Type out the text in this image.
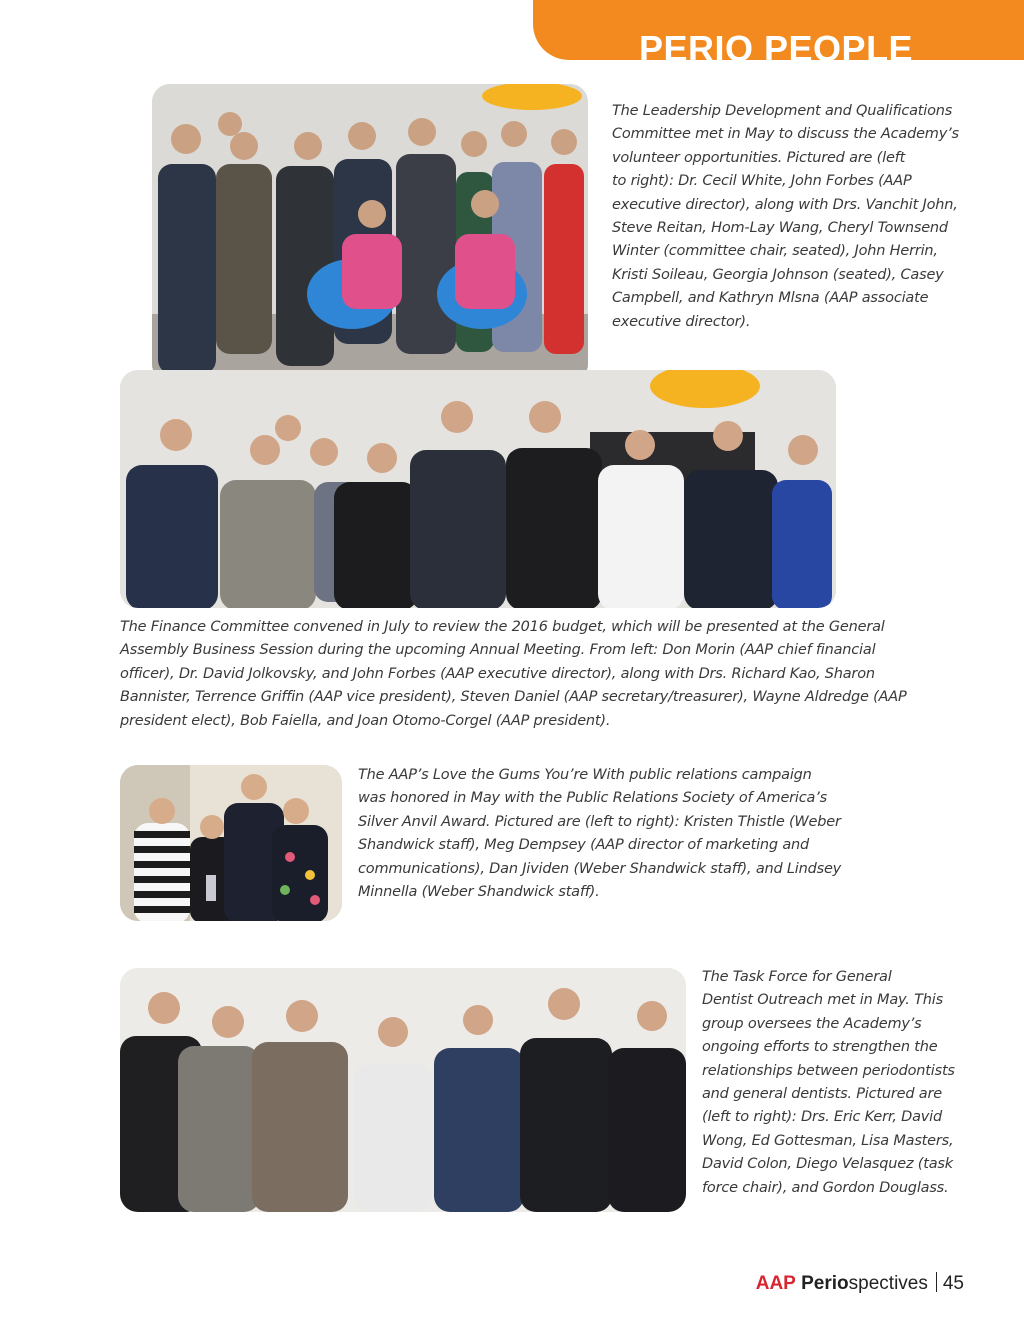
PERIO PEOPLE

The Leadership Development and Qualifications
Committee met in May to discuss the Academy’s
volunteer opportunities. Pictured are (left
to right): Dr. Cecil White, John Forbes (AAP
executive director), along with Drs. Vanchit John,
Steve Reitan, Hom-Lay Wang, Cheryl Townsend
Winter (committee chair, seated), John Herrin,
Kristi Soileau, Georgia Johnson (seated), Casey
Campbell, and Kathryn Mlsna (AAP associate
executive director).

The Finance Committee convened in July to review the 2016 budget, which will be presented at the General
Assembly Business Session during the upcoming Annual Meeting. From left: Don Morin (AAP chief financial
officer), Dr. David Jolkovsky, and John Forbes (AAP executive director), along with Drs. Richard Kao, Sharon
Bannister, Terrence Griffin (AAP vice president), Steven Daniel (AAP secretary/treasurer), Wayne Aldredge (AAP
president elect), Bob Faiella, and Joan Otomo-Corgel (AAP president).

The AAP’s Love the Gums You’re With public relations campaign
was honored in May with the Public Relations Society of America’s
Silver Anvil Award. Pictured are (left to right): Kristen Thistle (Weber
Shandwick staff), Meg Dempsey (AAP director of marketing and
communications), Dan Jividen (Weber Shandwick staff), and Lindsey
Minnella (Weber Shandwick staff).

The Task Force for General
Dentist Outreach met in May. This
group oversees the Academy’s
ongoing efforts to strengthen the
relationships between periodontists
and general dentists. Pictured are
(left to right): Drs. Eric Kerr, David
Wong, Ed Gottesman, Lisa Masters,
David Colon, Diego Velasquez (task
force chair), and Gordon Douglass.

AAP Periospectives 45
